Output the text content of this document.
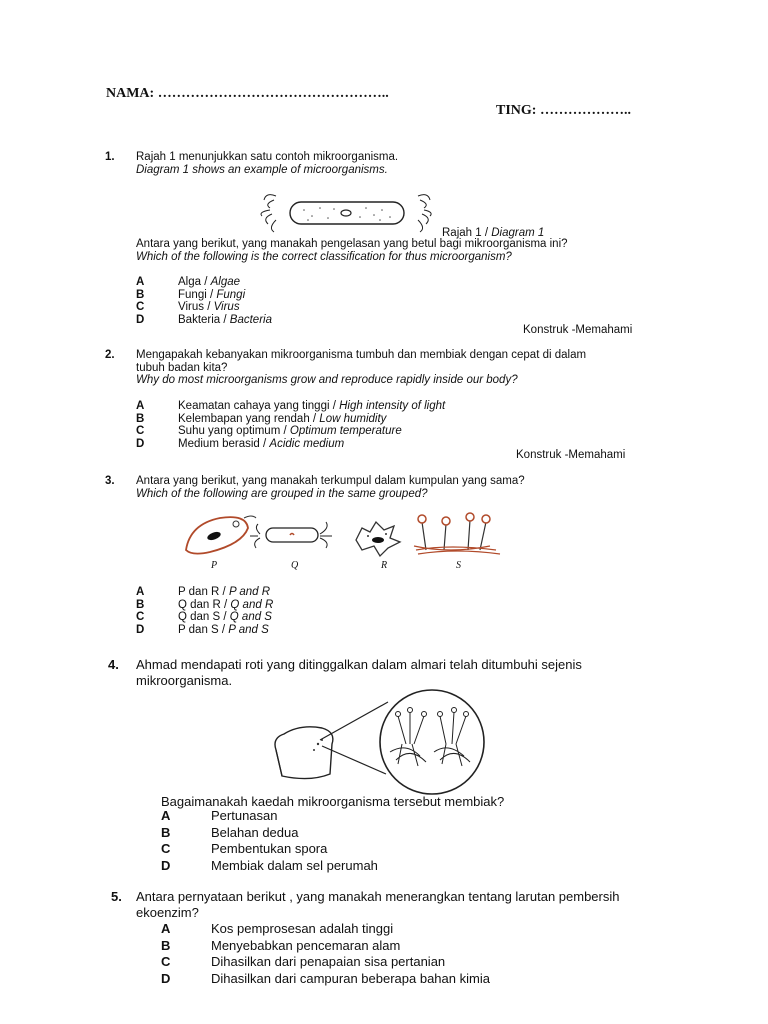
NAMA: …………………………………………..
TING: ………………..
1. Rajah 1 menunjukkan satu contoh mikroorganisma.
Diagram 1 shows an example of microorganisms.
Rajah 1 / Diagram 1
Antara yang berikut, yang manakah pengelasan yang betul bagi mikroorganisma ini?
Which of the following is the correct classification for thus microorganism?
A	Alga / Algae
B	Fungi / Fungi
C	Virus / Virus
D	Bakteria / Bacteria
Konstruk -Memahami
2. Mengapakah kebanyakan mikroorganisma tumbuh dan membiak dengan cepat di dalam
tubuh badan kita?
Why do most microorganisms grow and reproduce rapidly inside our body?
A	Keamatan cahaya yang tinggi / High intensity of light
B	Kelembapan yang rendah / Low humidity
C	Suhu yang optimum / Optimum temperature
D	Medium berasid / Acidic medium
Konstruk -Memahami
3. Antara yang berikut, yang manakah terkumpul dalam kumpulan yang sama?
Which of the following are grouped in the same grouped?
P	Q	R	S
A	P dan R / P and R
B	Q dan R / Q and R
C	Q dan S / Q and S
D	P dan S / P and S
4. Ahmad mendapati roti yang ditinggalkan dalam almari telah ditumbuhi sejenis
mikroorganisma.
Bagaimanakah kaedah mikroorganisma tersebut membiak?
A	Pertunasan
B	Belahan dedua
C	Pembentukan spora
D	Membiak dalam sel perumah
5. Antara pernyataan berikut , yang manakah menerangkan tentang larutan pembersih
ekoenzim?
A	Kos pemprosesan adalah tinggi
B	Menyebabkan pencemaran alam
C	Dihasilkan dari penapaian sisa pertanian
D	Dihasilkan dari campuran beberapa bahan kimia
